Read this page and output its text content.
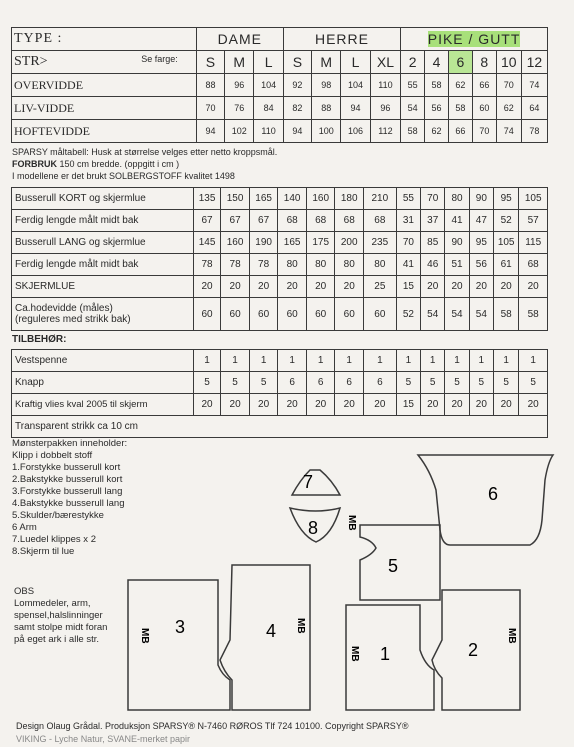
TYPE :	DAME			HERRE				PIKE / GUTT					
STR> Se farge:	S	M	L	S	M	L	XL	2	4	6	8	10	12
OVERVIDDE	88	96	104	92	98	104	110	55	58	62	66	70	74
LIV-VIDDE	70	76	84	82	88	94	96	54	56	58	60	62	64
HOFTEVIDDE	94	102	110	94	100	106	112	58	62	66	70	74	78
SPARSY måltabell: Husk at størrelse velges etter netto kroppsmål.
FORBRUK 150 cm bredde. (oppgitt i cm )
I modellene er det brukt SOLBERGSTOFF kvalitet 1498
Busserull KORT og skjermlue	135	150	165	140	160	180	210	55	70	80	90	95	105
Ferdig lengde målt midt bak	67	67	67	68	68	68	68	31	37	41	47	52	57
Busserull LANG og skjermlue	145	160	190	165	175	200	235	70	85	90	95	105	115
Ferdig lengde målt midt bak	78	78	78	80	80	80	80	41	46	51	56	61	68
SKJERMLUE	20	20	20	20	20	20	25	15	20	20	20	20	20

Ca.hodevidde (måles)
(reguleres med strikk bak)	60	60	60	60	60	60	60	52	54	54	54	58	58
TILBEHØR:
Vestspenne	1	1	1	1	1	1	1	1	1	1	1	1	1
Knapp	5	5	5	6	6	6	6	5	5	5	5	5	5
Kraftig vlies kval 2005 til skjerm	20	20	20	20	20	20	20	15	20	20	20	20	20
Transparent strikk ca 10 cm													
Mønsterpakken inneholder:
Klipp i dobbelt stoff
1.Forstykke busserull kort
2.Bakstykke busserull kort
3.Forstykke busserull lang
4.Bakstykke busserull lang
5.Skulder/bærestykke
6 Arm
7.Luedel klippes x 2
8.Skjerm til lue
OBS
Lommedeler, arm,
spensel,halslinninger
samt stolpe midt foran
på eget ark i alle str.
7
8
6
5
3	4
1	2
MB
MB
MB
MB
MB
Design Olaug Grådal. Produksjon SPARSY® N-7460 RØROS Tlf 724 10100. Copyright SPARSY®
VIKING - Lyche Natur, SVANE-merket papir
